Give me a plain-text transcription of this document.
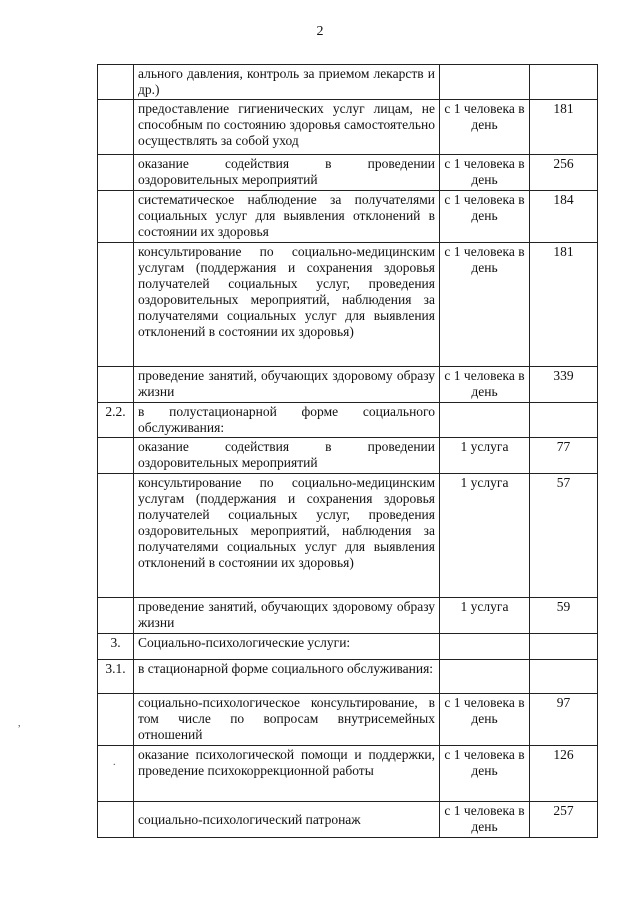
2
	ального давления, контроль за приемом лекарств и др.)		
	предоставление гигиенических услуг лицам, не способным по состоянию здоровья самостоятельно осуществлять за собой уход	с 1 человека в день	181
	оказание содействия в проведении оздоровительных мероприятий	с 1 человека в день	256
	систематическое наблюдение за получателями социальных услуг для выявления отклонений в состоянии их здоровья	с 1 человека в день	184
	консультирование по социально-медицинским услугам (поддержания и сохранения здоровья получателей социальных услуг, проведения оздоровительных мероприятий, наблюдения за получателями социальных услуг для выявления отклонений в состоянии их здоровья)	с 1 человека в день	181
	проведение занятий, обучающих здоровому образу жизни	с 1 человека в день	339
2.2.	в полустационарной форме социального обслуживания:		
	оказание содействия в проведении оздоровительных мероприятий	1 услуга	77
	консультирование по социально-медицинским услугам (поддержания и сохранения здоровья получателей социальных услуг, проведения оздоровительных мероприятий, наблюдения за получателями социальных услуг для выявления отклонений в состоянии их здоровья)	1 услуга	57
	проведение занятий, обучающих здоровому образу жизни	1 услуга	59
3.	Социально-психологические услуги:		
3.1.	в стационарной форме социального обслуживания:		
	социально-психологическое консультирование, в том числе по вопросам внутрисемейных отношений	с 1 человека в день	97
	оказание психологической помощи и поддержки, проведение психокоррекционной работы	с 1 человека в день	126
	социально-психологический патронаж	с 1 человека в день	257
,
.
